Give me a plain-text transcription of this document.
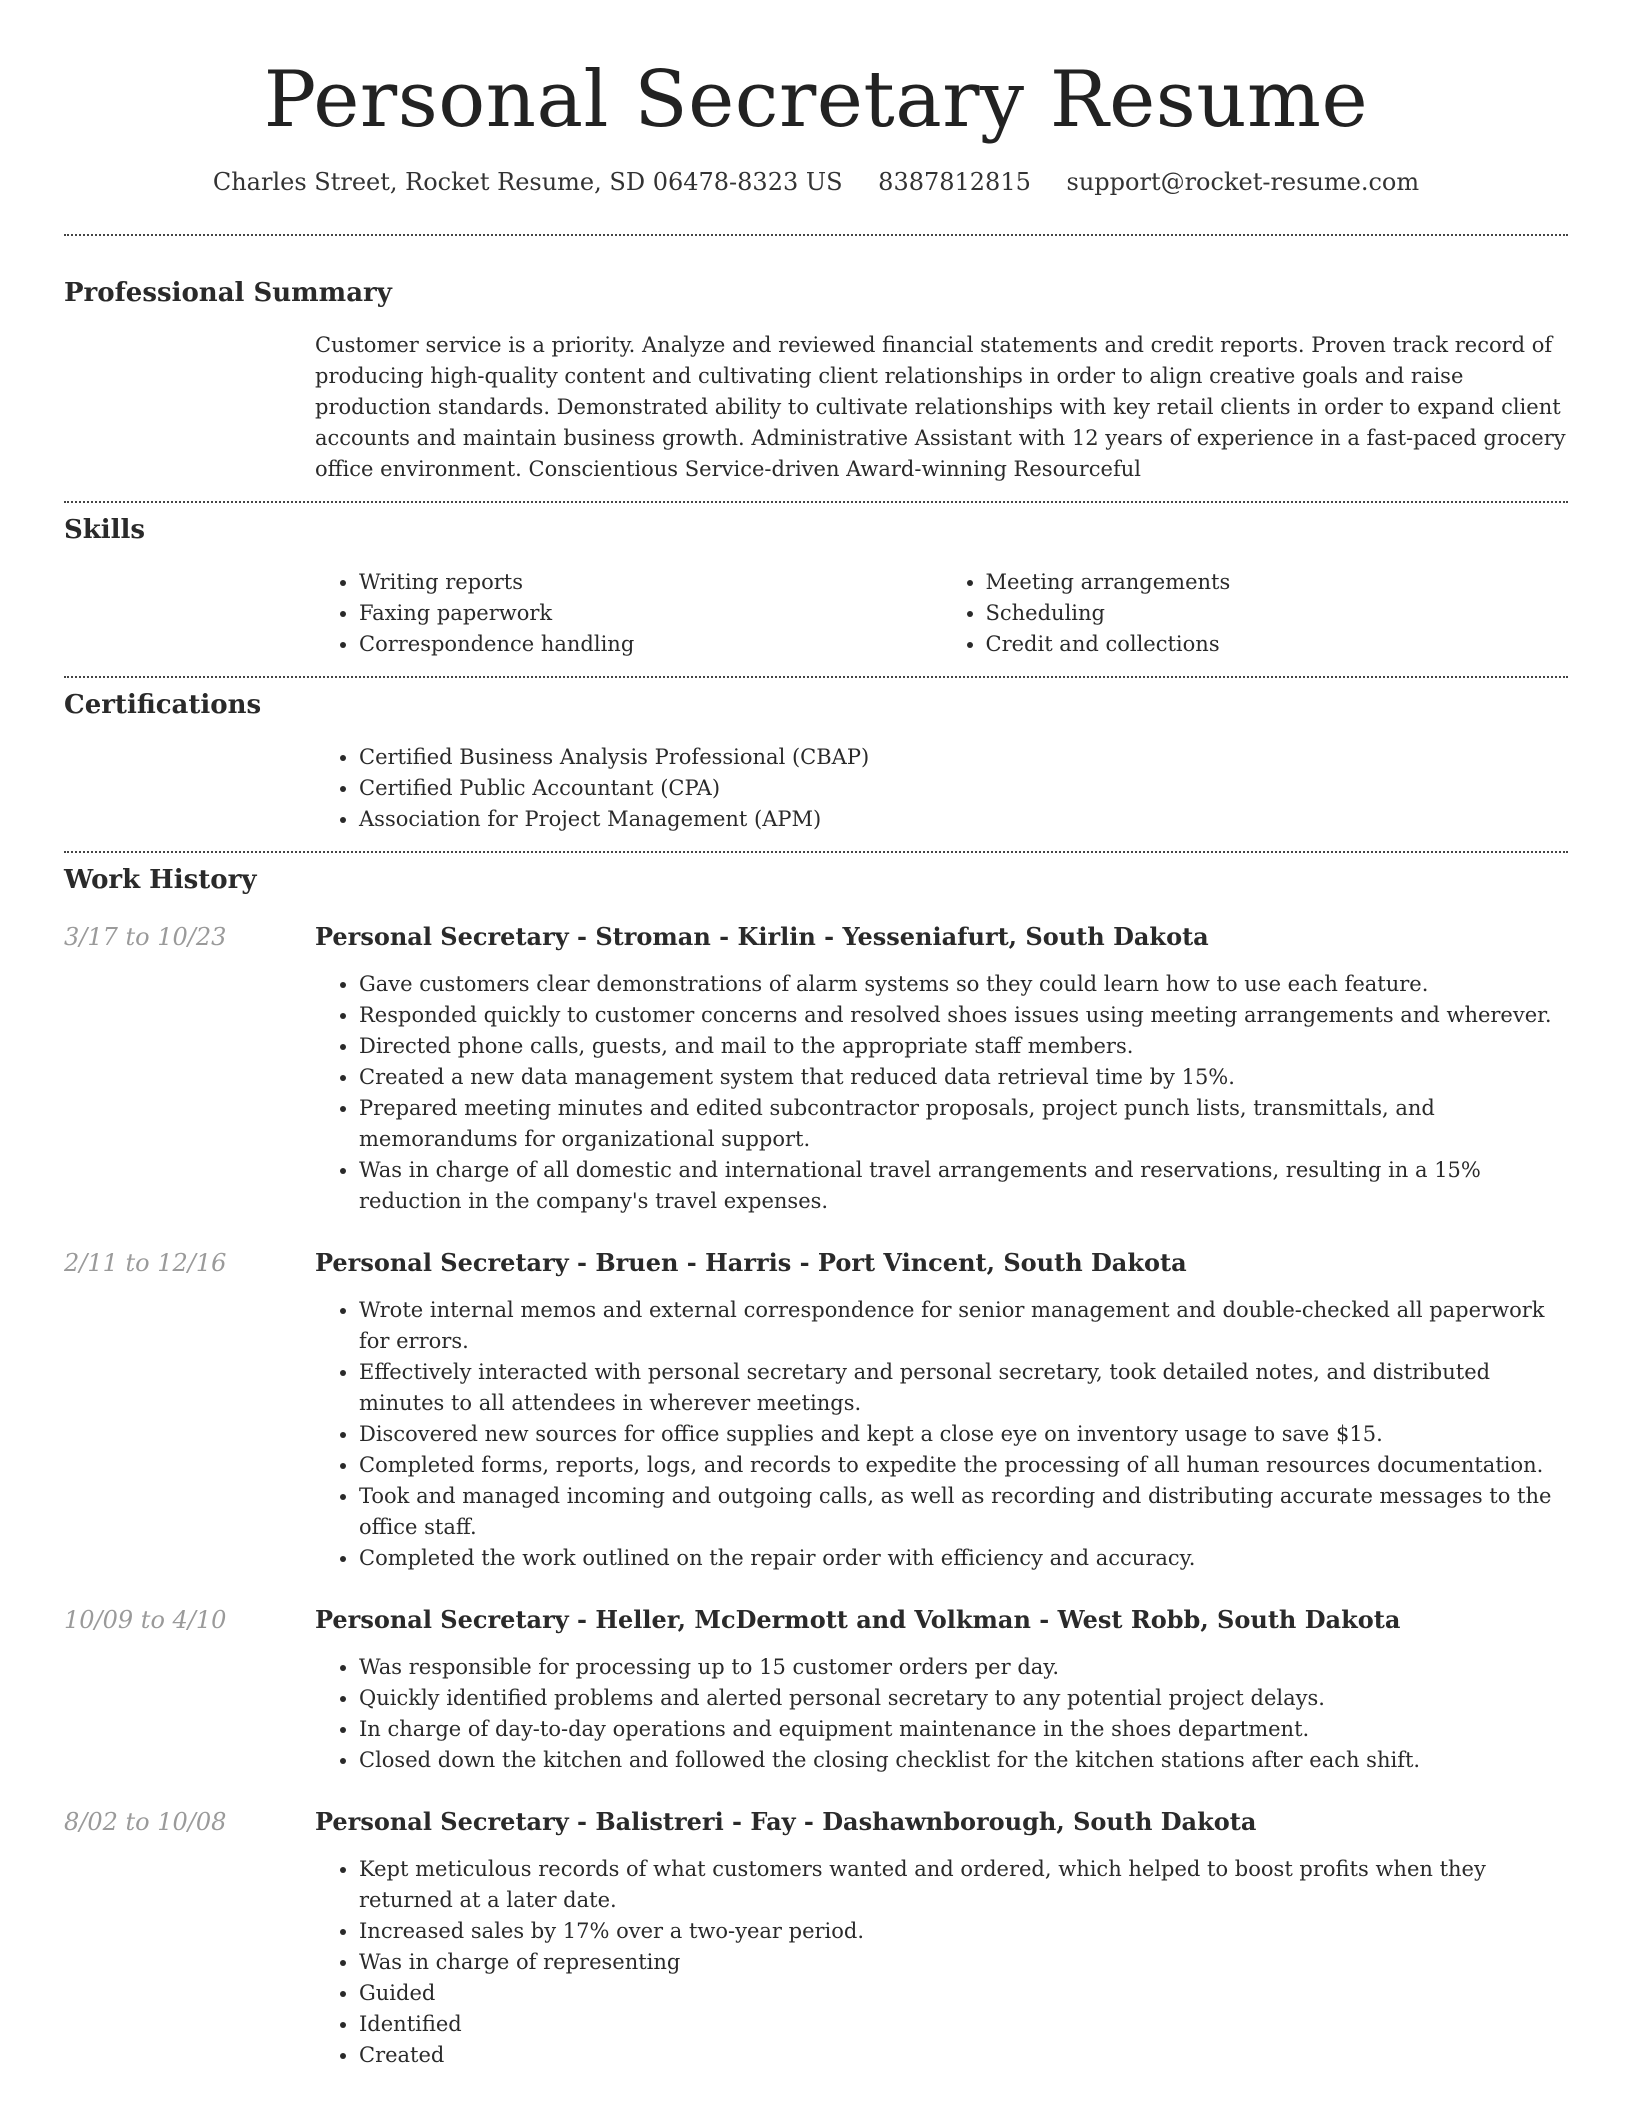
Personal Secretary Resume
Charles Street, Rocket Resume, SD 06478-8323 US 8387812815 support@rocket-resume.com
Professional Summary

Customer service is a priority. Analyze and reviewed financial statements and credit reports. Proven track record of producing high-quality content and cultivating client relationships in order to align creative goals and raise production standards. Demonstrated ability to cultivate relationships with key retail clients in order to expand client accounts and maintain business growth. Administrative Assistant with 12 years of experience in a fast-paced grocery office environment. Conscientious Service-driven Award-winning Resourceful

Skills
• Writing reports
• Faxing paperwork
• Correspondence handling
• Meeting arrangements
• Scheduling
• Credit and collections
Certifications
• Certified Business Analysis Professional (CBAP)
• Certified Public Accountant (CPA)
• Association for Project Management (APM)
Work History
3/17 to 10/23	Personal Secretary - Stroman - Kirlin - Yesseniafurt, South Dakota
• Gave customers clear demonstrations of alarm systems so they could learn how to use each feature.
• Responded quickly to customer concerns and resolved shoes issues using meeting arrangements and wherever.
• Directed phone calls, guests, and mail to the appropriate staff members.
• Created a new data management system that reduced data retrieval time by 15%.
• Prepared meeting minutes and edited subcontractor proposals, project punch lists, transmittals, and memorandums for organizational support.
• Was in charge of all domestic and international travel arrangements and reservations, resulting in a 15% reduction in the company's travel expenses.
2/11 to 12/16	Personal Secretary - Bruen - Harris - Port Vincent, South Dakota
• Wrote internal memos and external correspondence for senior management and double-checked all paperwork for errors.
• Effectively interacted with personal secretary and personal secretary, took detailed notes, and distributed minutes to all attendees in wherever meetings.
• Discovered new sources for office supplies and kept a close eye on inventory usage to save $15.
• Completed forms, reports, logs, and records to expedite the processing of all human resources documentation.
• Took and managed incoming and outgoing calls, as well as recording and distributing accurate messages to the office staff.
• Completed the work outlined on the repair order with efficiency and accuracy.
10/09 to 4/10	Personal Secretary - Heller, McDermott and Volkman - West Robb, South Dakota
• Was responsible for processing up to 15 customer orders per day.
• Quickly identified problems and alerted personal secretary to any potential project delays.
• In charge of day-to-day operations and equipment maintenance in the shoes department.
• Closed down the kitchen and followed the closing checklist for the kitchen stations after each shift.
8/02 to 10/08	Personal Secretary - Balistreri - Fay - Dashawnborough, South Dakota
• Kept meticulous records of what customers wanted and ordered, which helped to boost profits when they returned at a later date.
• Increased sales by 17% over a two-year period.
• Was in charge of representing
• Guided
• Identified
• Created
